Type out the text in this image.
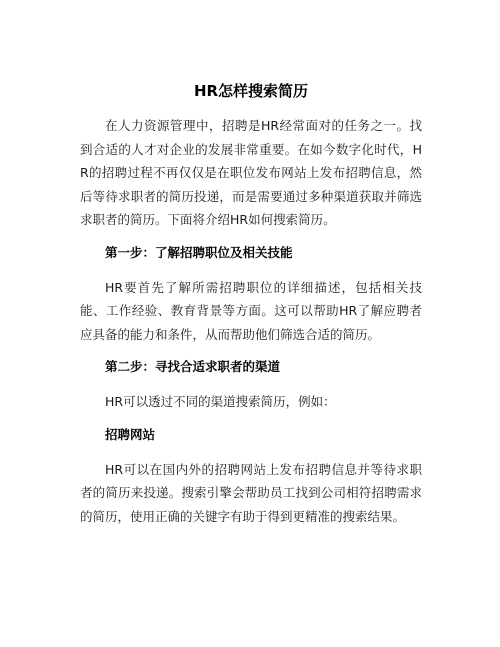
HR怎样搜索简历

在人力资源管理中，招聘是HR经常面对的任务之一。找到合适的人才对企业的发展非常重要。在如今数字化时代，HR的招聘过程不再仅仅是在职位发布网站上发布招聘信息，然后等待求职者的简历投递，而是需要通过多种渠道获取并筛选求职者的简历。下面将介绍HR如何搜索简历。

第一步：了解招聘职位及相关技能

HR要首先了解所需招聘职位的详细描述，包括相关技能、工作经验、教育背景等方面。这可以帮助HR了解应聘者应具备的能力和条件，从而帮助他们筛选合适的简历。

第二步：寻找合适求职者的渠道

HR可以透过不同的渠道搜索简历，例如：

招聘网站

HR可以在国内外的招聘网站上发布招聘信息并等待求职者的简历来投递。搜索引擎会帮助员工找到公司相符招聘需求的简历，使用正确的关键字有助于得到更精准的搜索结果。
